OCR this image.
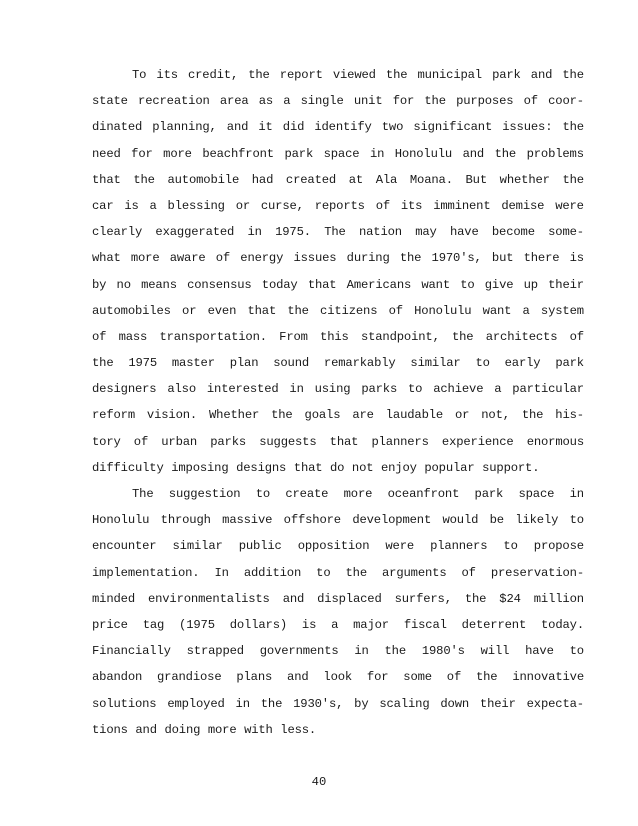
To its credit, the report viewed the municipal park and the
state recreation area as a single unit for the purposes of coor-
dinated planning, and it did identify two significant issues: the
need for more beachfront park space in Honolulu and the problems
that the automobile had created at Ala Moana. But whether the
car is a blessing or curse, reports of its imminent demise were
clearly exaggerated in 1975. The nation may have become some-
what more aware of energy issues during the 1970's, but there is
by no means consensus today that Americans want to give up their
automobiles or even that the citizens of Honolulu want a system
of mass transportation. From this standpoint, the architects of
the 1975 master plan sound remarkably similar to early park
designers also interested in using parks to achieve a particular
reform vision. Whether the goals are laudable or not, the his-
tory of urban parks suggests that planners experience enormous
difficulty imposing designs that do not enjoy popular support.
The suggestion to create more oceanfront park space in
Honolulu through massive offshore development would be likely to
encounter similar public opposition were planners to propose
implementation. In addition to the arguments of preservation-
minded environmentalists and displaced surfers, the $24 million
price tag (1975 dollars) is a major fiscal deterrent today.
Financially strapped governments in the 1980's will have to
abandon grandiose plans and look for some of the innovative
solutions employed in the 1930's, by scaling down their expecta-
tions and doing more with less.
40
